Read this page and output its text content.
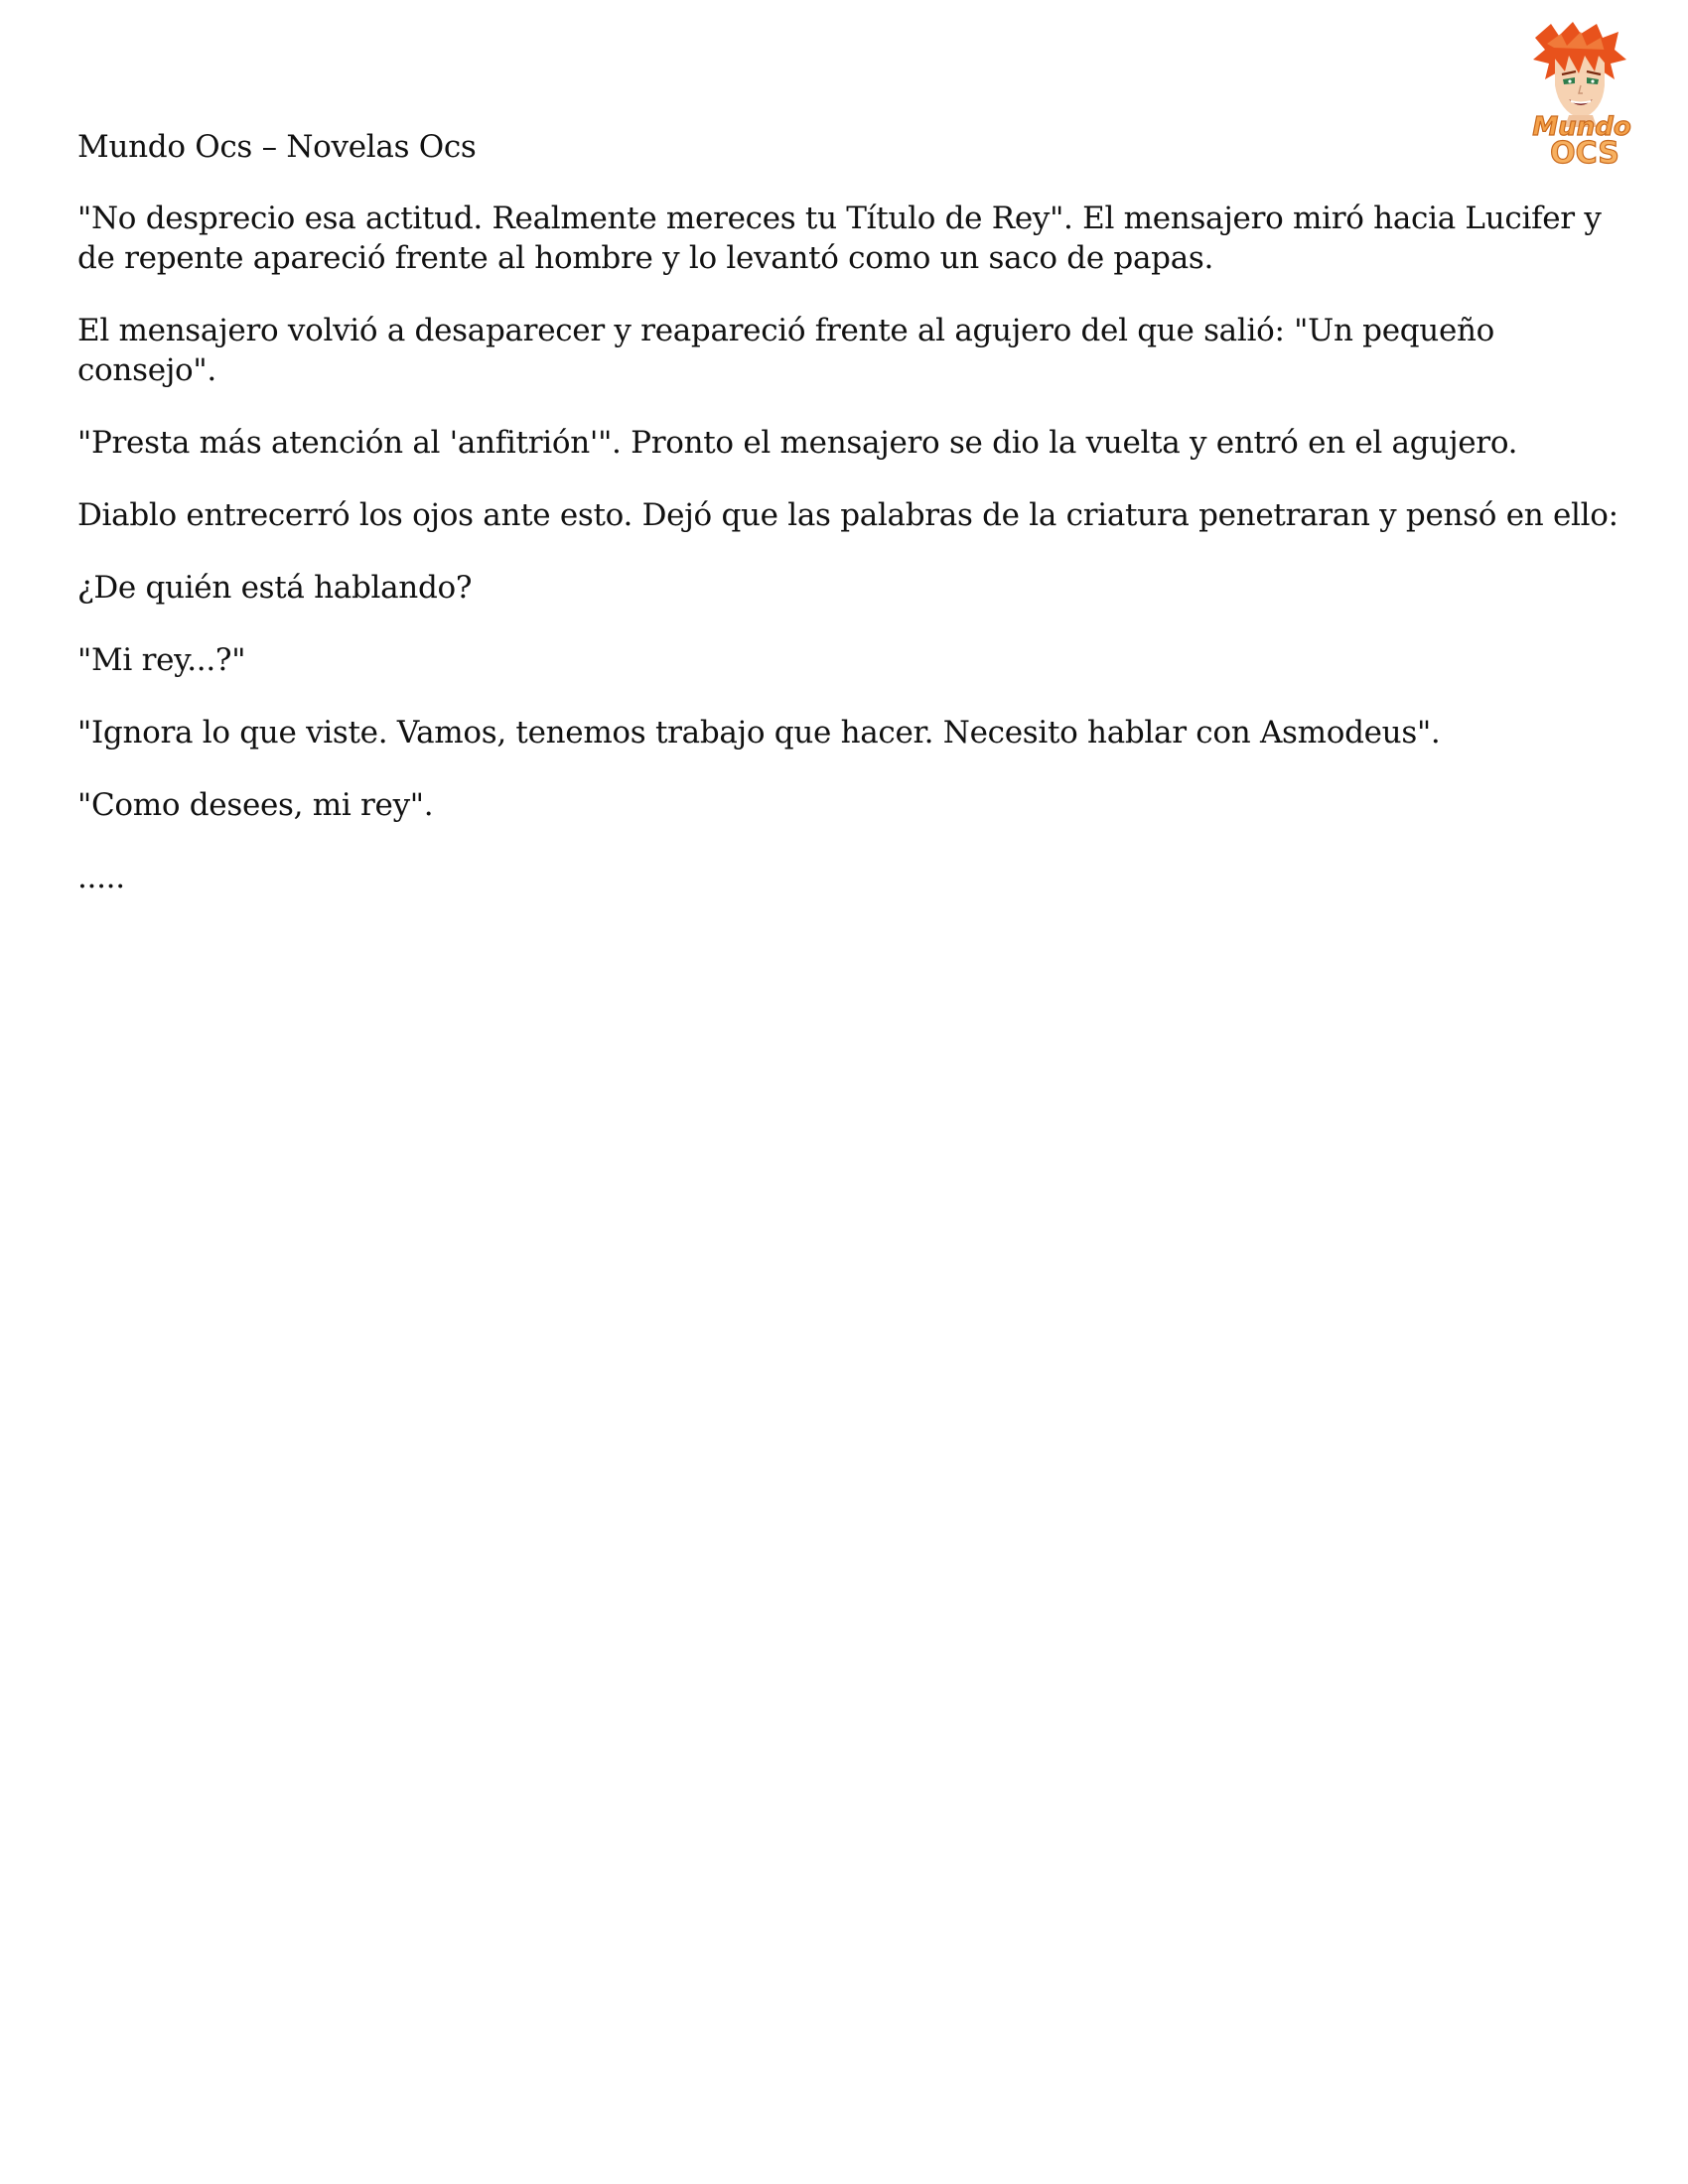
Mundo
OCS

Mundo Ocs – Novelas Ocs

"No desprecio esa actitud. Realmente mereces tu Título de Rey". El mensajero miró hacia Lucifer y de repente apareció frente al hombre y lo levantó como un saco de papas.

El mensajero volvió a desaparecer y reapareció frente al agujero del que salió: "Un pequeño consejo".

"Presta más atención al 'anfitrión'". Pronto el mensajero se dio la vuelta y entró en el agujero.

Diablo entrecerró los ojos ante esto. Dejó que las palabras de la criatura penetraran y pensó en ello:

¿De quién está hablando?

"Mi rey...?"

"Ignora lo que viste. Vamos, tenemos trabajo que hacer. Necesito hablar con Asmodeus".

"Como desees, mi rey".

.....
